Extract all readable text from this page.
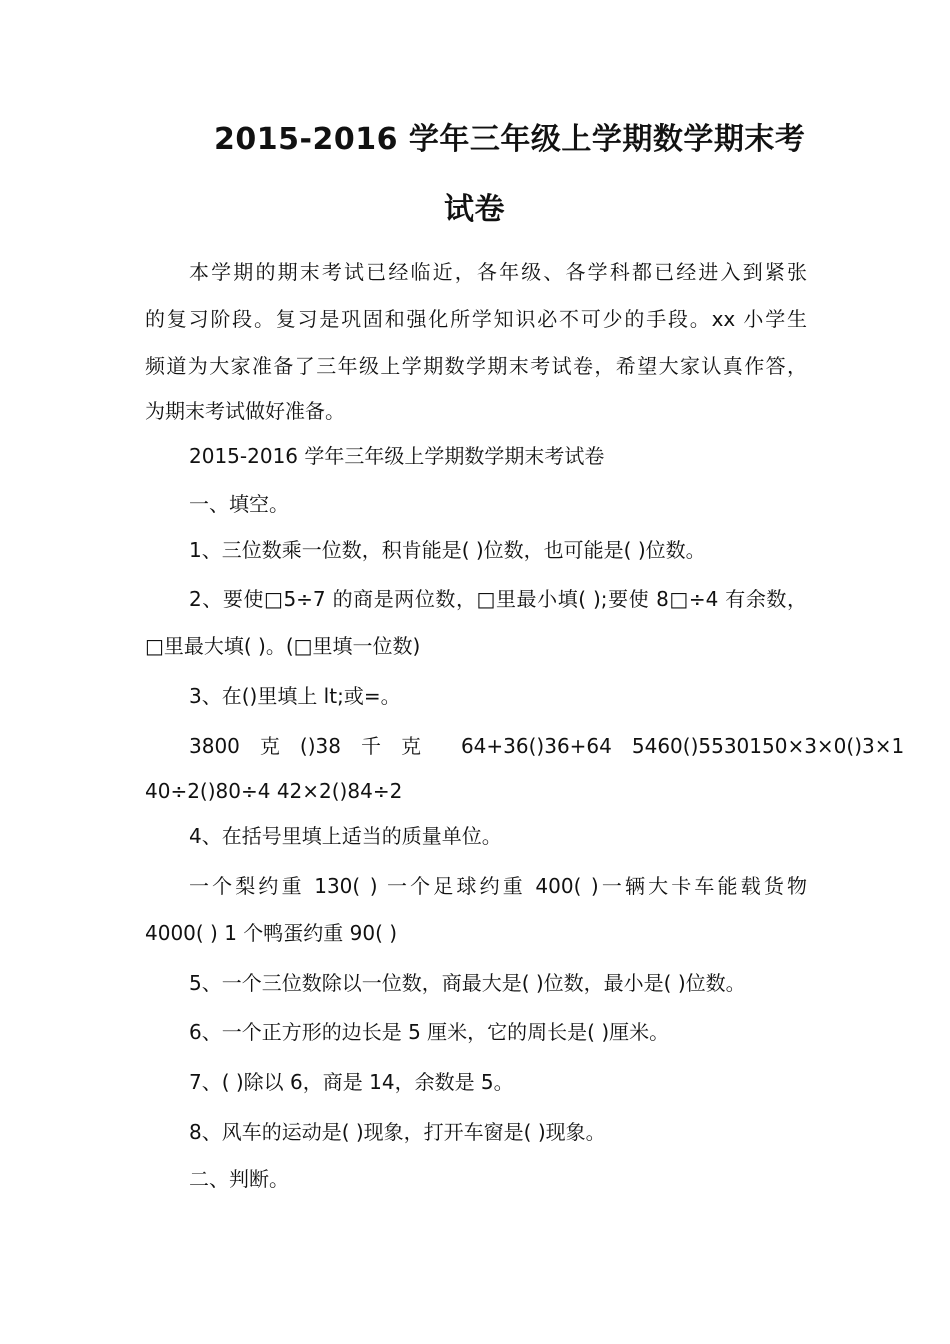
2015-2016 学年三年级上学期数学期末考
试卷
本学期的期末考试已经临近，各年级、各学科都已经进入到紧张
的复习阶段。复习是巩固和强化所学知识必不可少的手段。xx 小学生
频道为大家准备了三年级上学期数学期末考试卷，希望大家认真作答，
为期末考试做好准备。
2015-2016 学年三年级上学期数学期末考试卷
一、填空。
1、三位数乘一位数，积肯能是( )位数，也可能是( )位数。
2、要使□5÷7 的商是两位数，□里最小填( );要使 8□÷4 有余数，
□里最大填( )。(□里填一位数)
3、在()里填上 lt;或=。
3800　克　()38　千　克　　64+36()36+64　5460()5530150×3×0()3×1
40÷2()80÷4 42×2()84÷2
4、在括号里填上适当的质量单位。
一个梨约重 130( ) 一个足球约重 400( )一辆大卡车能载货物
4000( ) 1 个鸭蛋约重 90( )
5、一个三位数除以一位数，商最大是( )位数，最小是( )位数。
6、一个正方形的边长是 5 厘米，它的周长是( )厘米。
7、( )除以 6，商是 14，余数是 5。
8、风车的运动是( )现象，打开车窗是( )现象。
二、判断。
